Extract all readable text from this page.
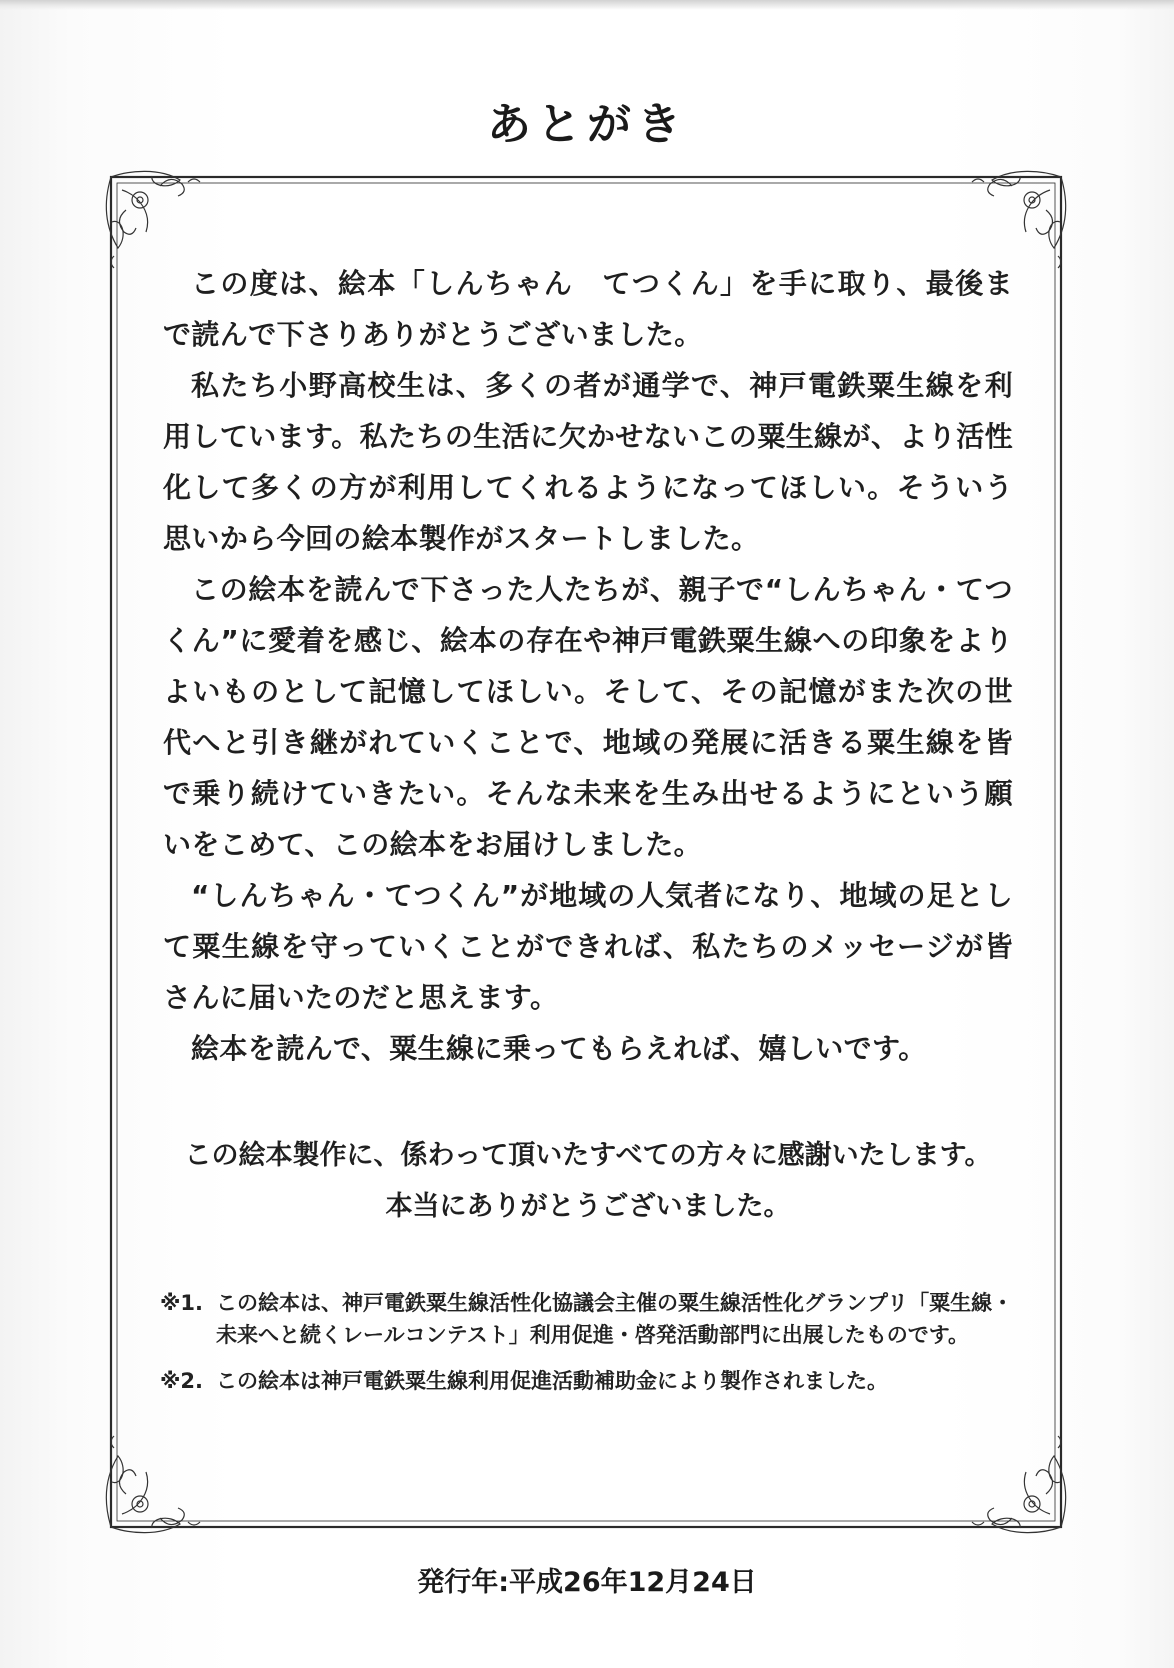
あとがき

この度は、絵本「しんちゃん　てつくん」を手に取り、最後まで読んで下さりありがとうございました。

私たち小野高校生は、多くの者が通学で、神戸電鉄粟生線を利用しています。私たちの生活に欠かせないこの粟生線が、より活性化して多くの方が利用してくれるようになってほしい。そういう思いから今回の絵本製作がスタートしました。

この絵本を読んで下さった人たちが、親子で“しんちゃん・てつくん”に愛着を感じ、絵本の存在や神戸電鉄粟生線への印象をよりよいものとして記憶してほしい。そして、その記憶がまた次の世代へと引き継がれていくことで、地域の発展に活きる粟生線を皆で乗り続けていきたい。そんな未来を生み出せるようにという願いをこめて、この絵本をお届けしました。

“しんちゃん・てつくん”が地域の人気者になり、地域の足として粟生線を守っていくことができれば、私たちのメッセージが皆さんに届いたのだと思えます。

絵本を読んで、粟生線に乗ってもらえれば、嬉しいです。

この絵本製作に、係わって頂いたすべての方々に感謝いたします。
本当にありがとうございました。
※1. この絵本は、神戸電鉄粟生線活性化協議会主催の粟生線活性化グランプリ「粟生線・未来へと続くレールコンテスト」利用促進・啓発活動部門に出展したものです。
※2. この絵本は神戸電鉄粟生線利用促進活動補助金により製作されました。
発行年:平成26年12月24日
